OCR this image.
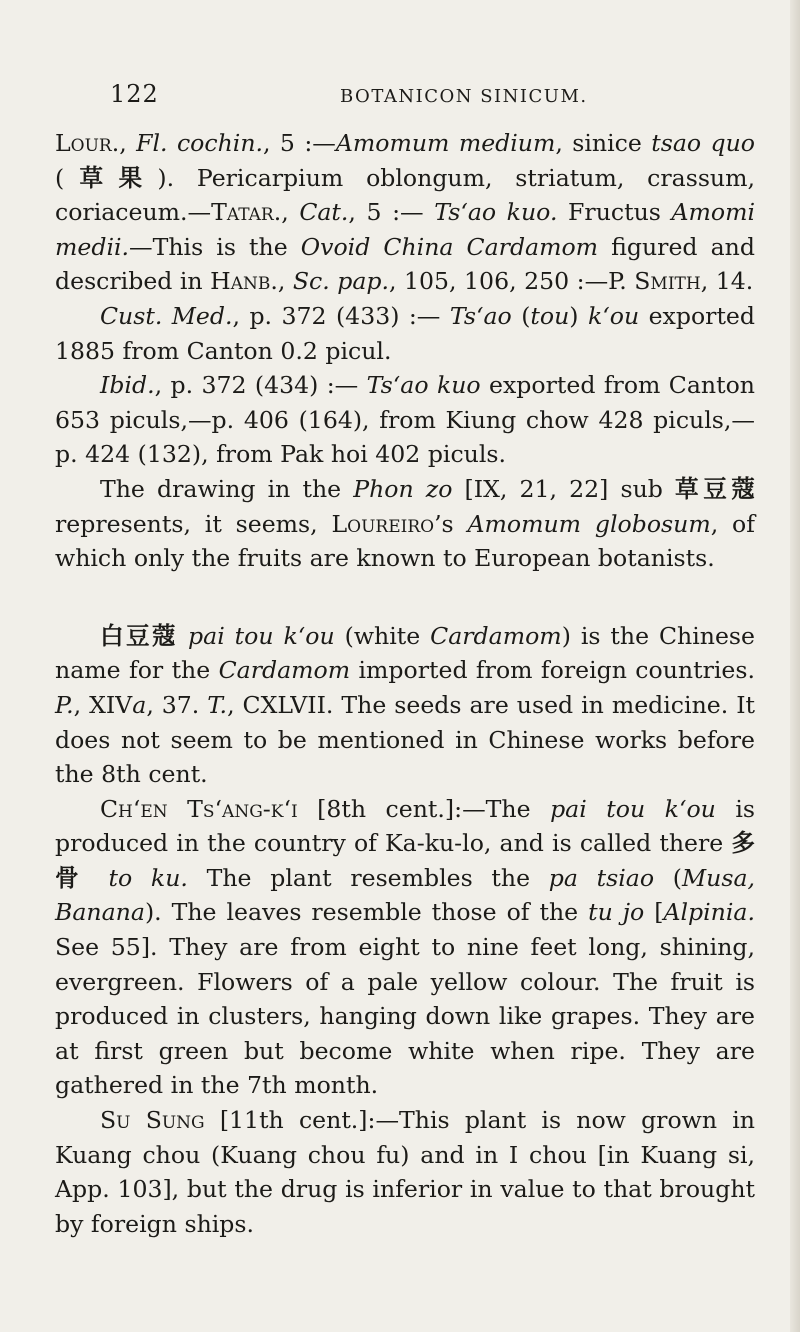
122	BOTANICON SINICUM.

Lour., Fl. cochin., 5 :—Amomum medium, sinice tsao quo (草果). Pericarpium oblongum, striatum, crassum, coriaceum.—Tatar., Cat., 5 :— Ts‘ao kuo. Fructus Amomi medii.—This is the Ovoid China Cardamom figured and described in Hanb., Sc. pap., 105, 106, 250 :—P. Smith, 14.

Cust. Med., p. 372 (433) :— Ts‘ao (tou) k‘ou exported 1885 from Canton 0.2 picul.

Ibid., p. 372 (434) :— Ts‘ao kuo exported from Canton 653 piculs,—p. 406 (164), from Kiung chow 428 piculs,— p. 424 (132), from Pak hoi 402 piculs.

The drawing in the Phon zo [IX, 21, 22] sub 草豆蔻 represents, it seems, Loureiro’s Amomum globosum, of which only the fruits are known to European botanists.

白豆蔻 pai tou k‘ou (white Cardamom) is the Chinese name for the Cardamom imported from foreign countries. P., XIVa, 37. T., CXLVII. The seeds are used in medicine. It does not seem to be mentioned in Chinese works before the 8th cent.

Ch‘en Ts‘ang-k‘i [8th cent.]:—The pai tou k‘ou is produced in the country of Ka-ku-lo, and is called there 多骨 to ku. The plant resembles the pa tsiao (Musa, Banana). The leaves resemble those of the tu jo [Alpinia. See 55]. They are from eight to nine feet long, shining, evergreen. Flowers of a pale yellow colour. The fruit is produced in clusters, hanging down like grapes. They are at first green but become white when ripe. They are gathered in the 7th month.

Su Sung [11th cent.]:—This plant is now grown in Kuang chou (Kuang chou fu) and in I chou [in Kuang si, App. 103], but the drug is inferior in value to that brought by foreign ships.
